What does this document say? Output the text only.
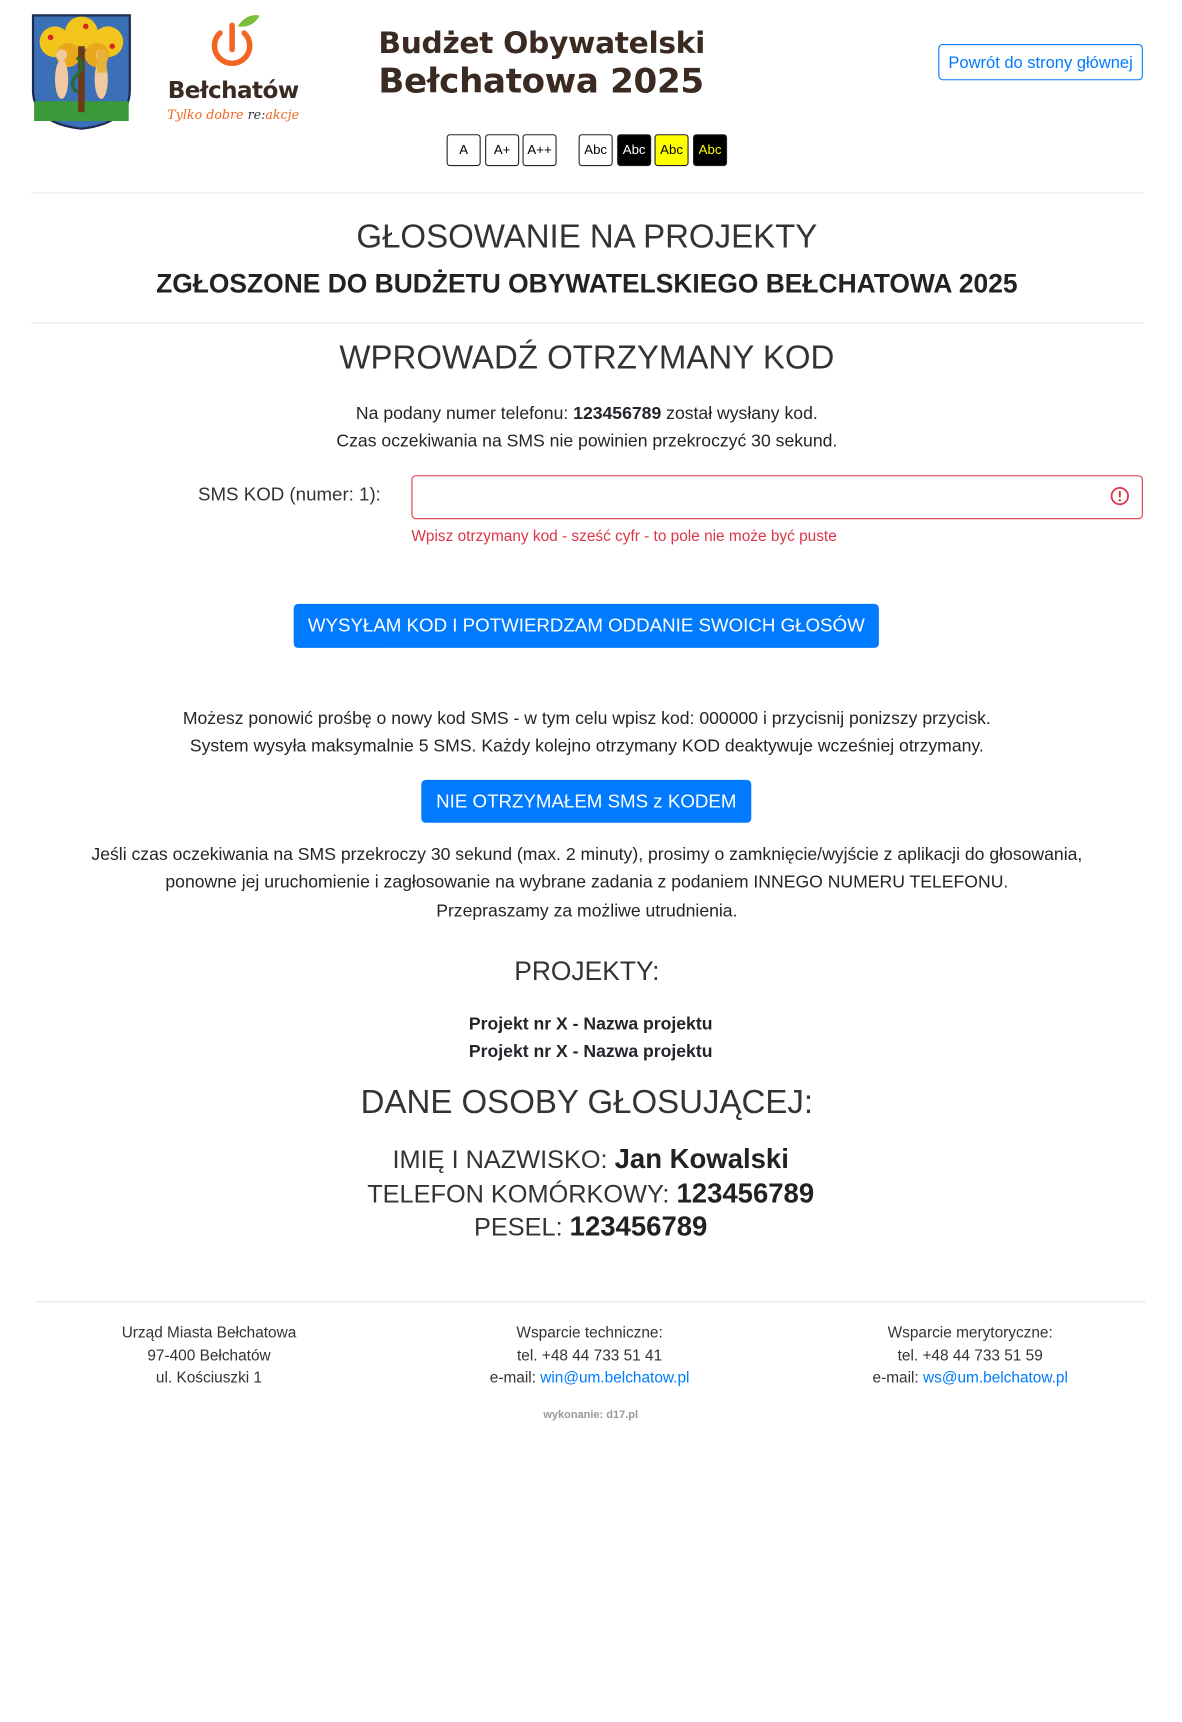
Bełchatów
Tylko dobre re:akcje
Budżet Obywatelski
Bełchatowa 2025	Powrót do strony głównej
A	A+	A++	Abc	Abc	Abc	Abc
GŁOSOWANIE NA PROJEKTY
ZGŁOSZONE DO BUDŻETU OBYWATELSKIEGO BEŁCHATOWA 2025
WPROWADŹ OTRZYMANY KOD
Na podany numer telefonu: 123456789 został wysłany kod.
Czas oczekiwania na SMS nie powinien przekroczyć 30 sekund.
SMS KOD (numer: 1):
Wpisz otrzymany kod - sześć cyfr - to pole nie może być puste
WYSYŁAM KOD I POTWIERDZAM ODDANIE SWOICH GŁOSÓW
Możesz ponowić prośbę o nowy kod SMS - w tym celu wpisz kod: 000000 i przycisnij ponizszy przycisk.
System wysyła maksymalnie 5 SMS. Każdy kolejno otrzymany KOD deaktywuje wcześniej otrzymany.
NIE OTRZYMAŁEM SMS z KODEM
Jeśli czas oczekiwania na SMS przekroczy 30 sekund (max. 2 minuty), prosimy o zamknięcie/wyjście z aplikacji do głosowania,
ponowne jej uruchomienie i zagłosowanie na wybrane zadania z podaniem INNEGO NUMERU TELEFONU.
Przepraszamy za możliwe utrudnienia.
PROJEKTY:
Projekt nr X - Nazwa projektu
Projekt nr X - Nazwa projektu
DANE OSOBY GŁOSUJĄCEJ:
IMIĘ I NAZWISKO: Jan Kowalski
TELEFON KOMÓRKOWY: 123456789
PESEL: 123456789
Urząd Miasta Bełchatowa
97-400 Bełchatów
ul. Kościuszki 1
Wsparcie techniczne:
tel. +48 44 733 51 41
e-mail: win@um.belchatow.pl
Wsparcie merytoryczne:
tel. +48 44 733 51 59
e-mail: ws@um.belchatow.pl
wykonanie: d17.pl
